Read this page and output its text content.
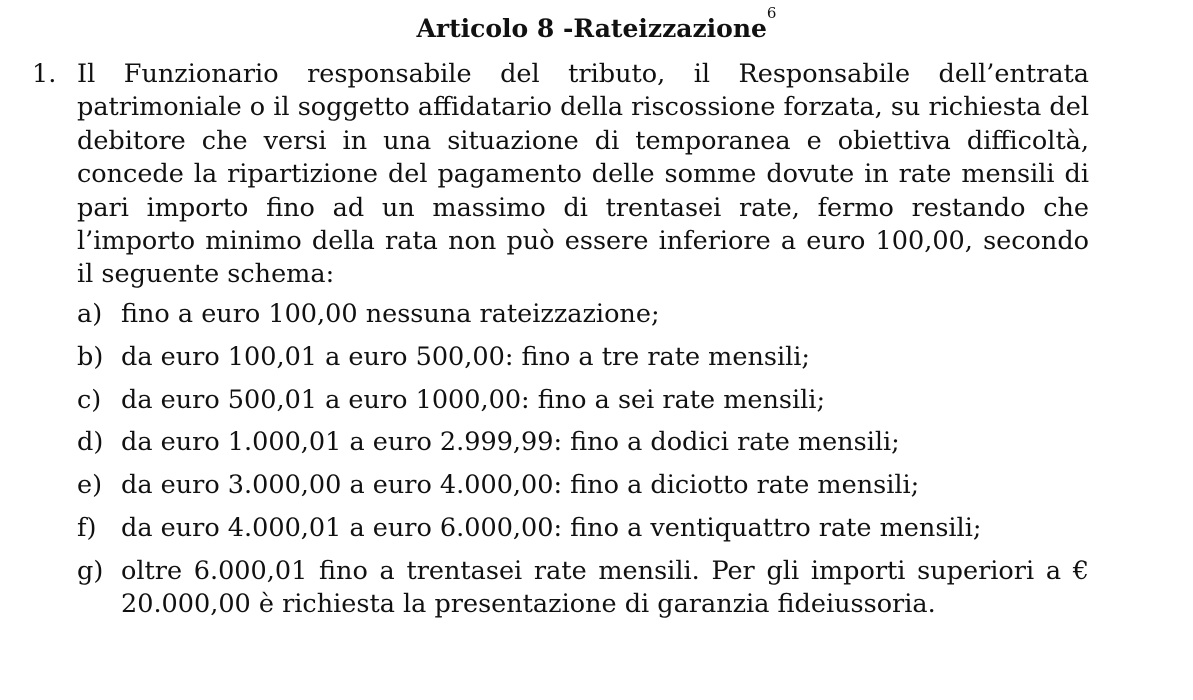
Articolo 8 -Rateizzazione$^6$
1. Il Funzionario responsabile del tributo, il Responsabile dell’entrata patrimoniale o il soggetto affidatario della riscossione forzata, su richiesta del debitore che versi in una situazione di temporanea e obiettiva difficoltà, concede la ripartizione del pagamento delle somme dovute in rate mensili di pari importo fino ad un massimo di trentasei rate, fermo restando che l’importo minimo della rata non può essere inferiore a euro 100,00, secondo il seguente schema:
a) fino a euro 100,00 nessuna rateizzazione;
b) da euro 100,01 a euro 500,00: fino a tre rate mensili;
c) da euro 500,01 a euro 1000,00: fino a sei rate mensili;
d) da euro 1.000,01 a euro 2.999,99: fino a dodici rate mensili;
e) da euro 3.000,00 a euro 4.000,00: fino a diciotto rate mensili;
f) da euro 4.000,01 a euro 6.000,00: fino a ventiquattro rate mensili;
g) oltre 6.000,01 fino a trentasei rate mensili. Per gli importi superiori a € 20.000,00 è richiesta la presentazione di garanzia fideiussoria.
